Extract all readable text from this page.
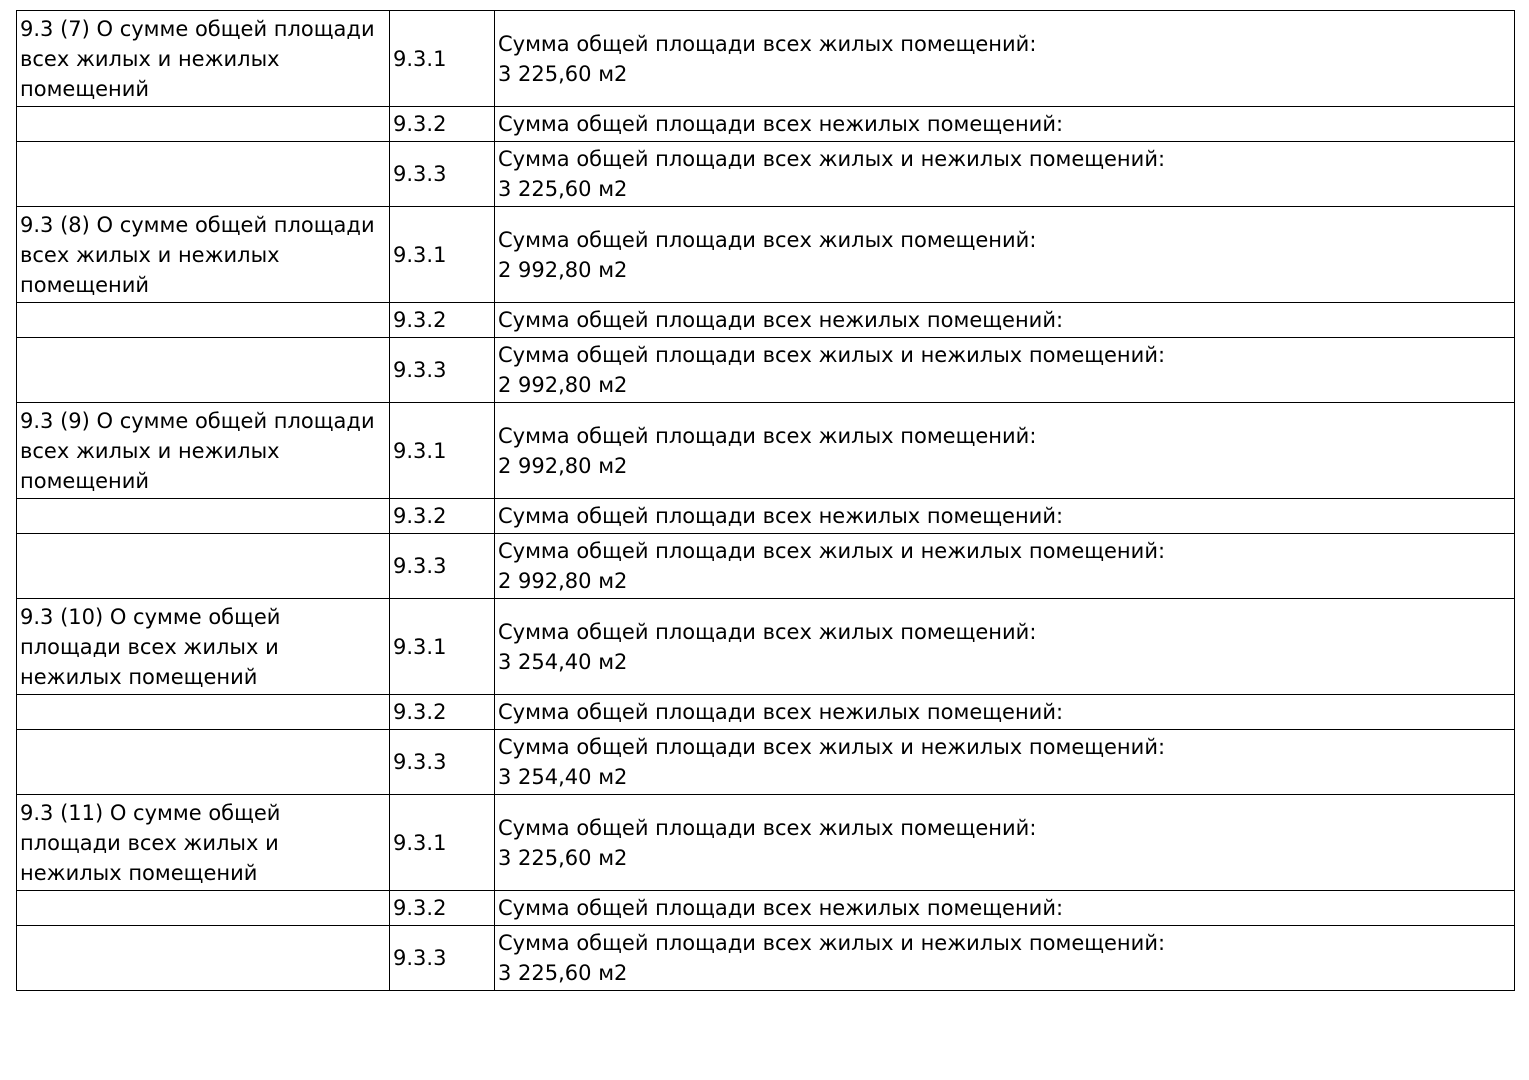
9.3 (7) О сумме общей площади всех жилых и нежилых помещений	9.3.1	Сумма общей площади всех жилых помещений:
3 225,60 м2

	9.3.2	Сумма общей площади всех нежилых помещений:

	9.3.3	Сумма общей площади всех жилых и нежилых помещений:
3 225,60 м2

9.3 (8) О сумме общей площади всех жилых и нежилых помещений	9.3.1	Сумма общей площади всех жилых помещений:
2 992,80 м2

	9.3.2	Сумма общей площади всех нежилых помещений:

	9.3.3	Сумма общей площади всех жилых и нежилых помещений:
2 992,80 м2

9.3 (9) О сумме общей площади всех жилых и нежилых помещений	9.3.1	Сумма общей площади всех жилых помещений:
2 992,80 м2

	9.3.2	Сумма общей площади всех нежилых помещений:

	9.3.3	Сумма общей площади всех жилых и нежилых помещений:
2 992,80 м2

9.3 (10) О сумме общей площади всех жилых и нежилых помещений	9.3.1	Сумма общей площади всех жилых помещений:
3 254,40 м2

	9.3.2	Сумма общей площади всех нежилых помещений:

	9.3.3	Сумма общей площади всех жилых и нежилых помещений:
3 254,40 м2

9.3 (11) О сумме общей площади всех жилых и нежилых помещений	9.3.1	Сумма общей площади всех жилых помещений:
3 225,60 м2

	9.3.2	Сумма общей площади всех нежилых помещений:

	9.3.3	Сумма общей площади всех жилых и нежилых помещений:
3 225,60 м2
